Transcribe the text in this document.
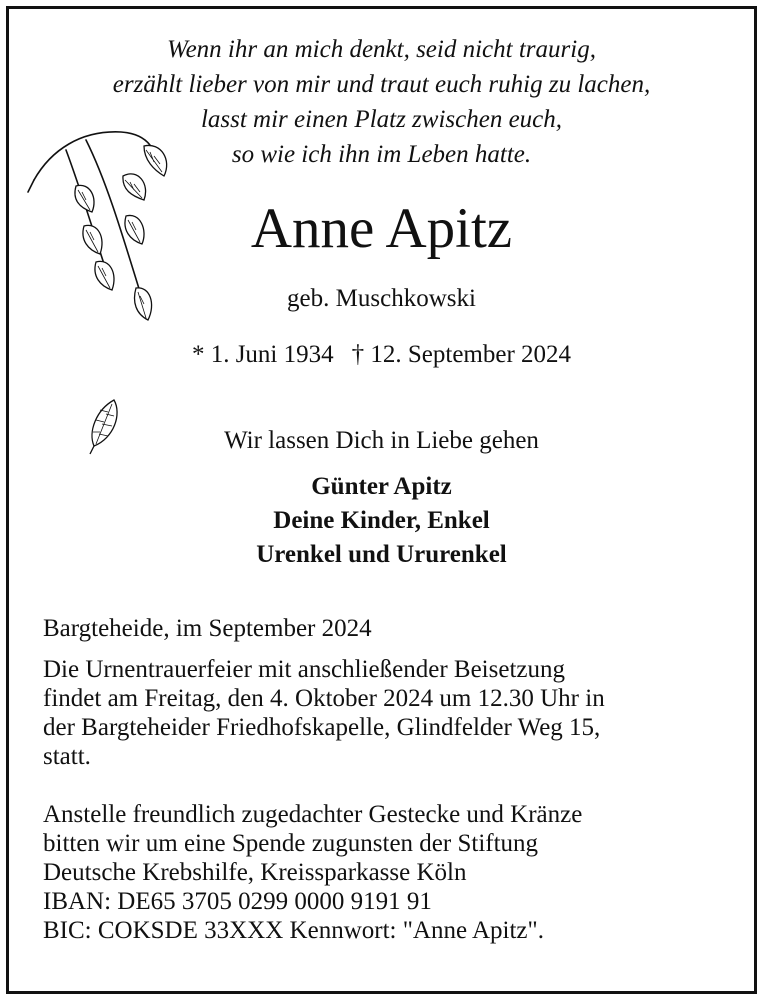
Wenn ihr an mich denkt, seid nicht traurig,
erzählt lieber von mir und traut euch ruhig zu lachen,
lasst mir einen Platz zwischen euch,
so wie ich ihn im Leben hatte.
Anne Apitz
geb. Muschkowski
* 1. Juni 1934 † 12. September 2024
Wir lassen Dich in Liebe gehen
Günter Apitz
Deine Kinder, Enkel
Urenkel und Ururenkel
Bargteheide, im September 2024
Die Urnentrauerfeier mit anschließender Beisetzung
findet am Freitag, den 4. Oktober 2024 um 12.30 Uhr in
der Bargteheider Friedhofskapelle, Glindfelder Weg 15,
statt.
Anstelle freundlich zugedachter Gestecke und Kränze
bitten wir um eine Spende zugunsten der Stiftung
Deutsche Krebshilfe, Kreissparkasse Köln
IBAN: DE65 3705 0299 0000 9191 91
BIC: COKSDE 33XXX Kennwort: "Anne Apitz".
